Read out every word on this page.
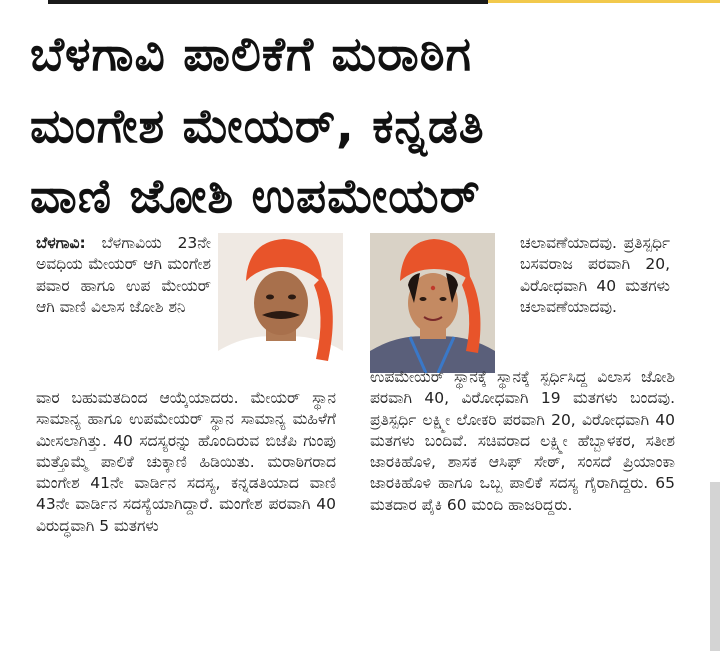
ಬೆಳಗಾವಿ ಪಾಲಿಕೆಗೆ ಮರಾಠಿಗ
ಮಂಗೇಶ ಮೇಯರ್, ಕನ್ನಡತಿ
ವಾಣಿ ಜೋಶಿ ಉಪಮೇಯರ್

ಬೆಳಗಾವಿ: ಬೆಳಗಾವಿಯ 23ನೇ ಅವಧಿಯ ಮೇಯರ್ ಆಗಿ ಮಂಗೇಶ ಪವಾರ ಹಾಗೂ ಉಪ ಮೇಯರ್ ಆಗಿ ವಾಣಿ ವಿಲಾಸ ಜೋಶಿ ಶನಿ

ಚಲಾವಣೆಯಾದವು. ಪ್ರತಿಸ್ಪರ್ಧಿ ಬಸವರಾಜ ಪರವಾಗಿ 20, ವಿರೋಧವಾಗಿ 40 ಮತಗಳು ಚಲಾವಣೆಯಾದವು.

ವಾರ ಬಹುಮತದಿಂದ ಆಯ್ಕೆಯಾದರು. ಮೇಯರ್ ಸ್ಥಾನ ಸಾಮಾನ್ಯ ಹಾಗೂ ಉಪಮೇಯರ್ ಸ್ಥಾನ ಸಾಮಾನ್ಯ ಮಹಿಳೆಗೆ ಮೀಸಲಾಗಿತ್ತು. 40 ಸದಸ್ಯರನ್ನು ಹೊಂದಿರುವ ಬಿಜೆಪಿ ಗುಂಪು ಮತ್ತೊಮ್ಮೆ ಪಾಲಿಕೆ ಚುಕ್ಕಾಣಿ ಹಿಡಿಯಿತು. ಮರಾಠಿಗರಾದ ಮಂಗೇಶ 41ನೇ ವಾರ್ಡಿನ ಸದಸ್ಯ, ಕನ್ನಡತಿಯಾದ ವಾಣಿ 43ನೇ ವಾರ್ಡಿನ ಸದಸ್ಯೆಯಾಗಿದ್ದಾರೆ. ಮಂಗೇಶ ಪರವಾಗಿ 40 ವಿರುದ್ಧವಾಗಿ 5 ಮತಗಳು

ಉಪಮೇಯರ್ ಸ್ಥಾನಕ್ಕೆ ಸ್ಥಾನಕ್ಕೆ ಸ್ಪರ್ಧಿಸಿದ್ದ ವಿಲಾಸ ಜೋಶಿ ಪರವಾಗಿ 40, ವಿರೋಧವಾಗಿ 19 ಮತಗಳು ಬಂದವು. ಪ್ರತಿಸ್ಪರ್ಧಿ ಲಕ್ಷ್ಮೀ ಲೋಕರಿ ಪರವಾಗಿ 20, ವಿರೋಧವಾಗಿ 40 ಮತಗಳು ಬಂದಿವೆ. ಸಚಿವರಾದ ಲಕ್ಷ್ಮೀ ಹೆಬ್ಬಾಳಕರ, ಸತೀಶ ಜಾರಕಿಹೊಳಿ, ಶಾಸಕ ಆಸಿಫ್ ಸೇಠ್, ಸಂಸದೆ ಪ್ರಿಯಾಂಕಾ ಜಾರಕಿಹೊಳಿ ಹಾಗೂ ಒಬ್ಬ ಪಾಲಿಕೆ ಸದಸ್ಯ ಗೈರಾಗಿದ್ದರು. 65 ಮತದಾರ ಪೈಕಿ 60 ಮಂದಿ ಹಾಜರಿದ್ದರು.
